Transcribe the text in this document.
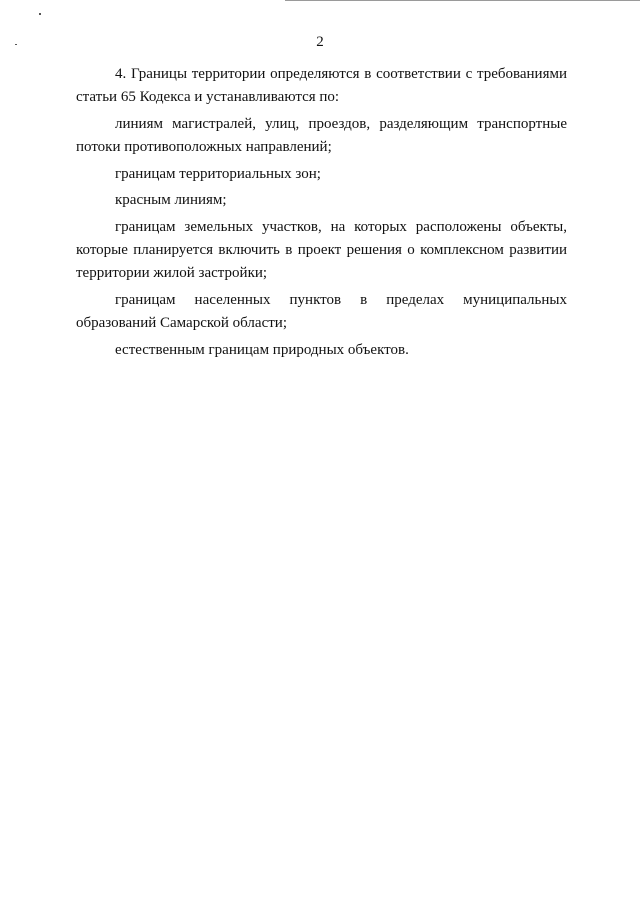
2

4. Границы территории определяются в соответствии с требованиями статьи 65 Кодекса и устанавливаются по:

линиям магистралей, улиц, проездов, разделяющим транспортные потоки противоположных направлений;

границам территориальных зон;

красным линиям;

границам земельных участков, на которых расположены объекты, которые планируется включить в проект решения о комплексном развитии территории жилой застройки;

границам населенных пунктов в пределах муниципальных образований Самарской области;

естественным границам природных объектов.
